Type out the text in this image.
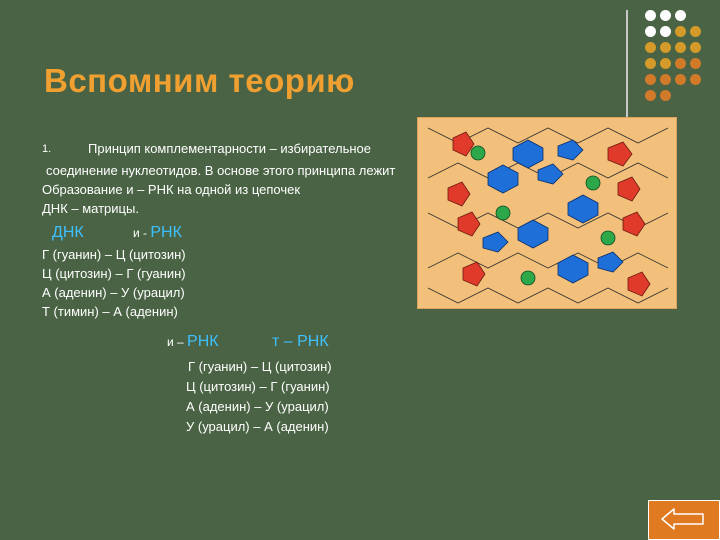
Вспомним теорию
1.	Принцип комплементарности – избирательное
соединение нуклеотидов. В основе этого принципа лежит
Образование и – РНК на одной из цепочек
ДНК – матрицы.
ДНК	и - РНК
Г (гуанин) – Ц (цитозин)
Ц (цитозин) – Г (гуанин)
А (аденин) – У (урацил)
Т (тимин) – А (аденин)
и – РНК	т – РНК
Г (гуанин) – Ц (цитозин)
Ц (цитозин) – Г (гуанин)
А (аденин) – У (урацил)
У (урацил) – А (аденин)
